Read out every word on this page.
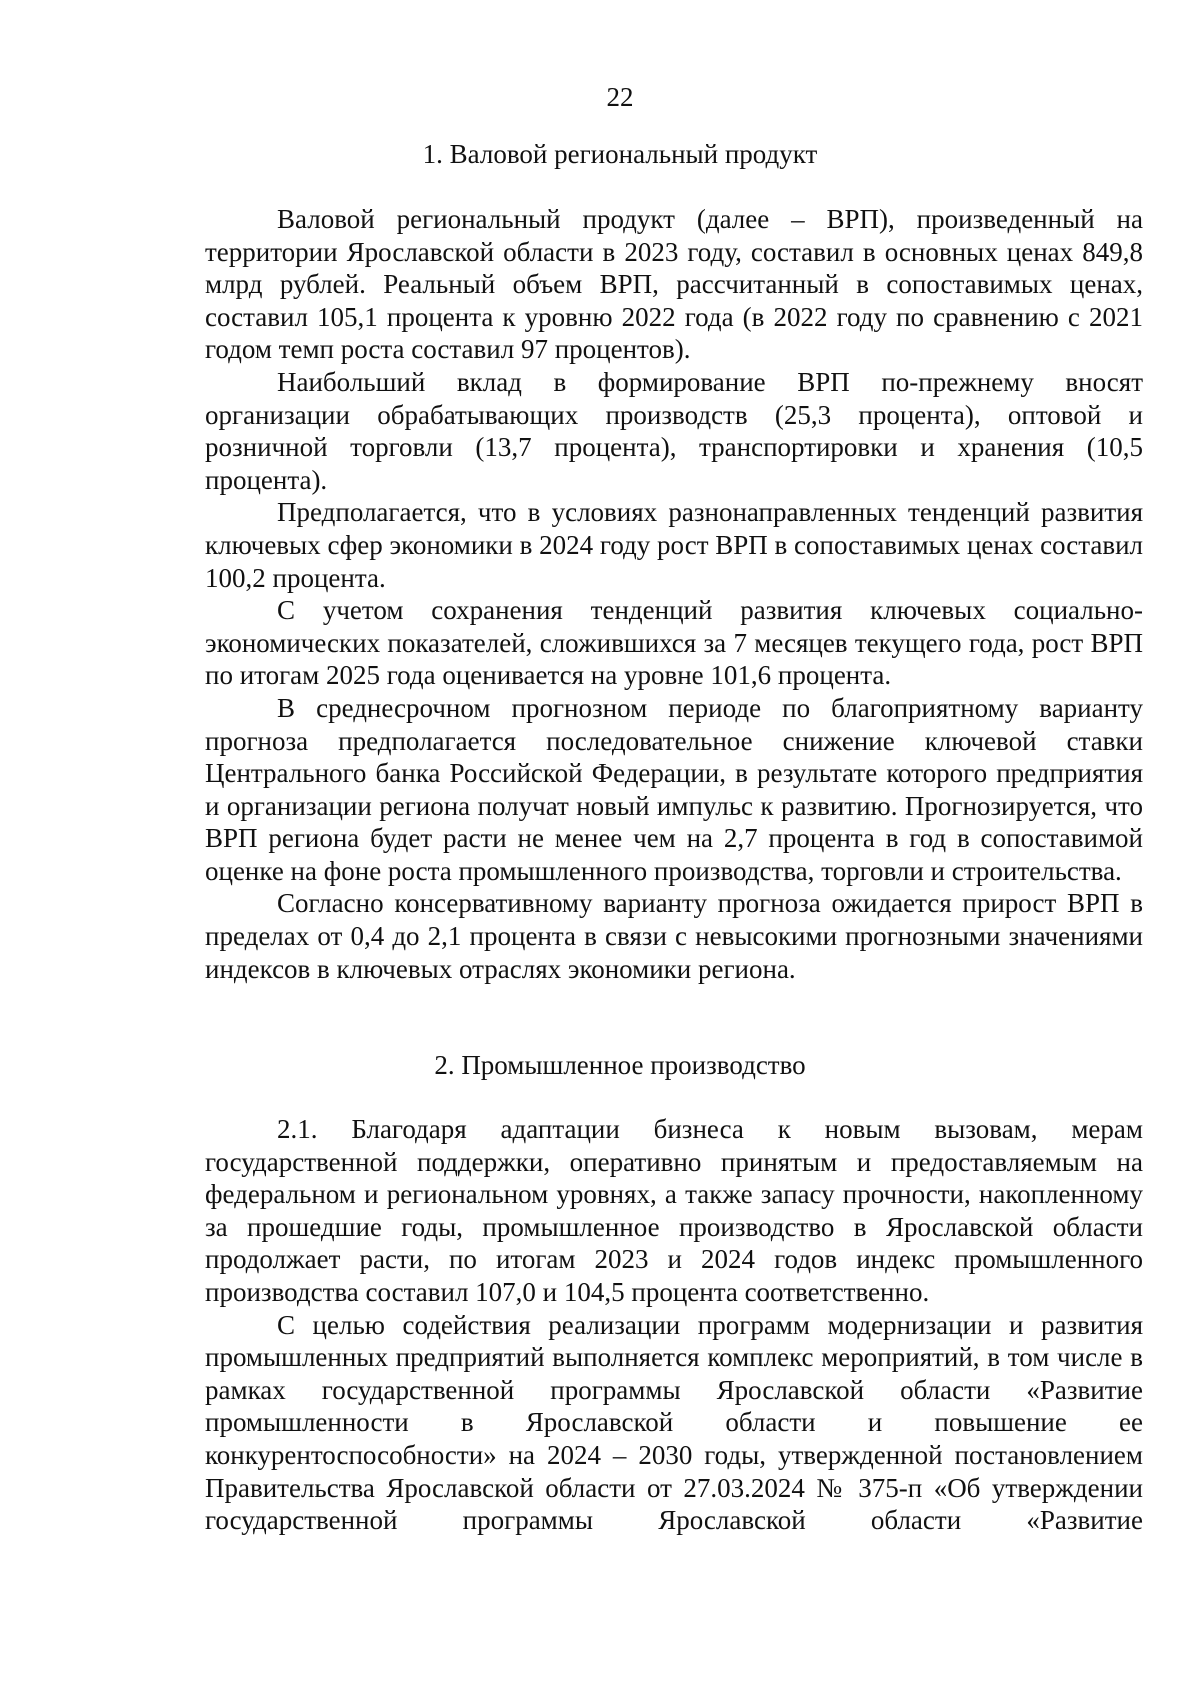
22
1. Валовой региональный продукт

Валовой региональный продукт (далее – ВРП), произведенный на территории Ярославской области в 2023 году, составил в основных ценах 849,8 млрд рублей. Реальный объем ВРП, рассчитанный в сопоставимых ценах, составил 105,1 процента к уровню 2022 года (в 2022 году по сравнению с 2021 годом темп роста составил 97 процентов).

Наибольший вклад в формирование ВРП по-прежнему вносят организации обрабатывающих производств (25,3 процента), оптовой и розничной торговли (13,7 процента), транспортировки и хранения (10,5 процента).

Предполагается, что в условиях разнонаправленных тенденций развития ключевых сфер экономики в 2024 году рост ВРП в сопоставимых ценах составил 100,2 процента.

С учетом сохранения тенденций развития ключевых социально-экономических показателей, сложившихся за 7 месяцев текущего года, рост ВРП по итогам 2025 года оценивается на уровне 101,6 процента.

В среднесрочном прогнозном периоде по благоприятному варианту прогноза предполагается последовательное снижение ключевой ставки Центрального банка Российской Федерации, в результате которого предприятия и организации региона получат новый импульс к развитию. Прогнозируется, что ВРП региона будет расти не менее чем на 2,7 процента в год в сопоставимой оценке на фоне роста промышленного производства, торговли и строительства.

Согласно консервативному варианту прогноза ожидается прирост ВРП в пределах от 0,4 до 2,1 процента в связи с невысокими прогнозными значениями индексов в ключевых отраслях экономики региона.

2. Промышленное производство

2.1. Благодаря адаптации бизнеса к новым вызовам, мерам государственной поддержки, оперативно принятым и предоставляемым на федеральном и региональном уровнях, а также запасу прочности, накопленному за прошедшие годы, промышленное производство в Ярославской области продолжает расти, по итогам 2023 и 2024 годов индекс промышленного производства составил 107,0 и 104,5 процента соответственно.

С целью содействия реализации программ модернизации и развития промышленных предприятий выполняется комплекс мероприятий, в том числе в рамках государственной программы Ярославской области «Развитие промышленности в Ярославской области и повышение ее конкурентоспособности» на 2024 – 2030 годы, утвержденной постановлением Правительства Ярославской области от 27.03.2024 № 375-п «Об утверждении государственной программы Ярославской области «Развитие
